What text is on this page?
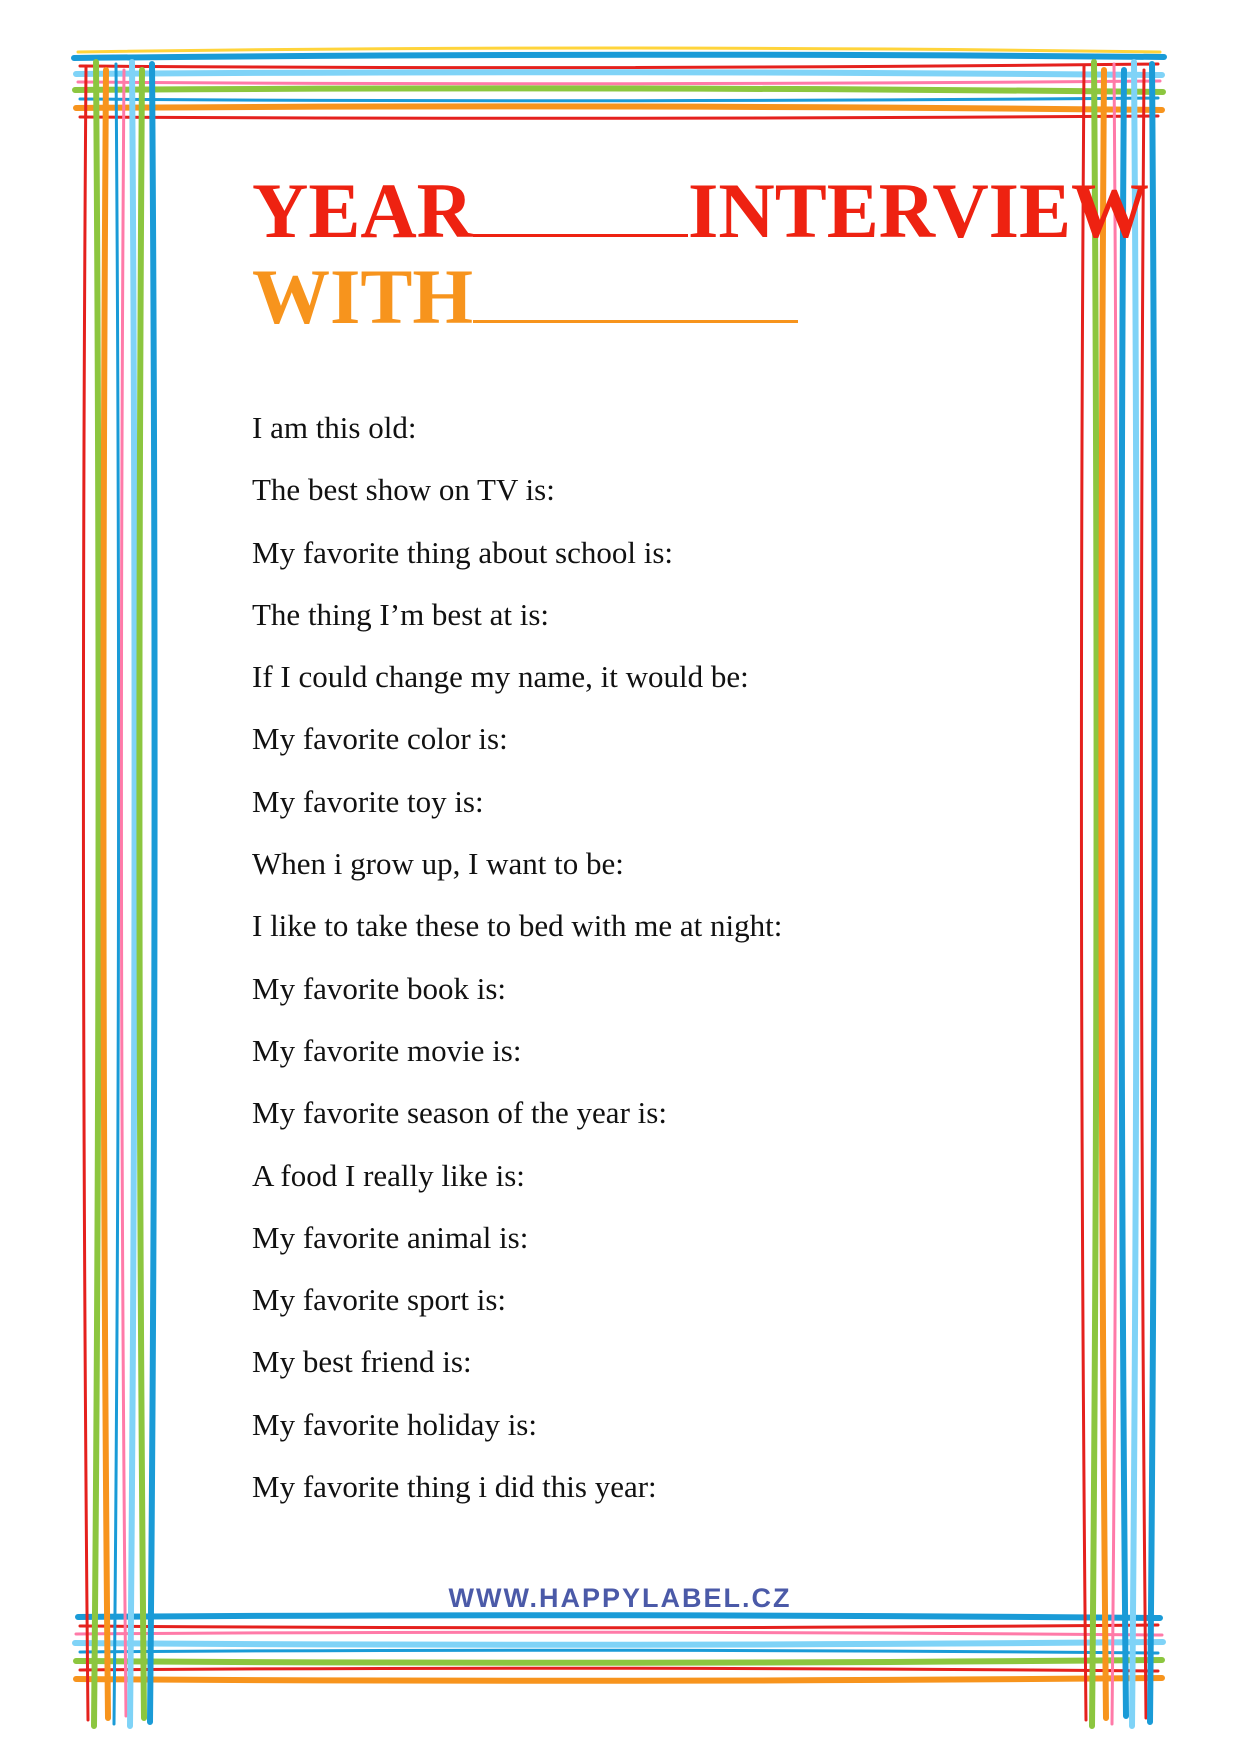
YEAR	INTERVIEW
WITH
I am this old:
The best show on TV is:
My favorite thing about school is:
The thing I’m best at is:
If I could change my name, it would be:
My favorite color is:
My favorite toy is:
When i grow up, I want to be:
I like to take these to bed with me at night:
My favorite book is:
My favorite movie is:
My favorite season of the year is:
A food I really like is:
My favorite animal is:
My favorite sport is:
My best friend is:
My favorite holiday is:
My favorite thing i did this year:
WWW.HAPPYLABEL.CZ
